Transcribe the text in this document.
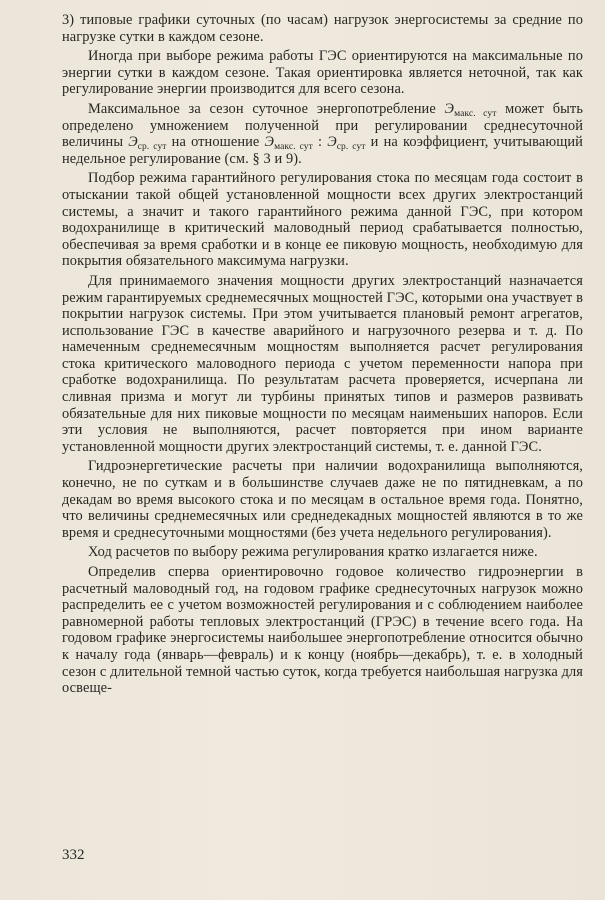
3) типовые графики суточных (по часам) нагрузок энергосистемы за средние по нагрузке сутки в каждом сезоне.

Иногда при выборе режима работы ГЭС ориентируются на максимальные по энергии сутки в каждом сезоне. Такая ориентировка является неточной, так как регулирование энергии производится для всего сезона.

Максимальное за сезон суточное энергопотребление $Э_{макс. сут}$ может быть определено умножением полученной при регулировании среднесуточной величины $Э_{ср. сут}$ на отношение $Э_{макс. сут}$ : $Э_{ср. сут}$ и на коэффициент, учитывающий недельное регулирование (см. § 3 и 9).

Подбор режима гарантийного регулирования стока по месяцам года состоит в отыскании такой общей установленной мощности всех других электростанций системы, а значит и такого гарантийного режима данной ГЭС, при котором водохранилище в критический маловодный период срабатывается полностью, обеспечивая за время сработки и в конце ее пиковую мощность, необходимую для покрытия обязательного максимума нагрузки.

Для принимаемого значения мощности других электростанций назначается режим гарантируемых среднемесячных мощностей ГЭС, которыми она участвует в покрытии нагрузок системы. При этом учитывается плановый ремонт агрегатов, использование ГЭС в качестве аварийного и нагрузочного резерва и т. д. По намеченным среднемесячным мощностям выполняется расчет регулирования стока критического маловодного периода с учетом переменности напора при сработке водохранилища. По результатам расчета проверяется, исчерпана ли сливная призма и могут ли турбины принятых типов и размеров развивать обязательные для них пиковые мощности по месяцам наименьших напоров. Если эти условия не выполняются, расчет повторяется при ином варианте установленной мощности других электростанций системы, т. е. данной ГЭС.

Гидроэнергетические расчеты при наличии водохранилища выполняются, конечно, не по суткам и в большинстве случаев даже не по пятидневкам, а по декадам во время высокого стока и по месяцам в остальное время года. Понятно, что величины среднемесячных или среднедекадных мощностей являются в то же время и среднесуточными мощностями (без учета недельного регулирования).

Ход расчетов по выбору режима регулирования кратко излагается ниже.

Определив сперва ориентировочно годовое количество гидроэнергии в расчетный маловодный год, на годовом графике среднесуточных нагрузок можно распределить ее с учетом возможностей регулирования и с соблюдением наиболее равномерной работы тепловых электростанций (ГРЭС) в течение всего года. На годовом графике энергосистемы наибольшее энергопотребление относится обычно к началу года (январь—февраль) и к концу (ноябрь—декабрь), т. е. в холодный сезон с длительной темной частью суток, когда требуется наибольшая нагрузка для освеще-

332
